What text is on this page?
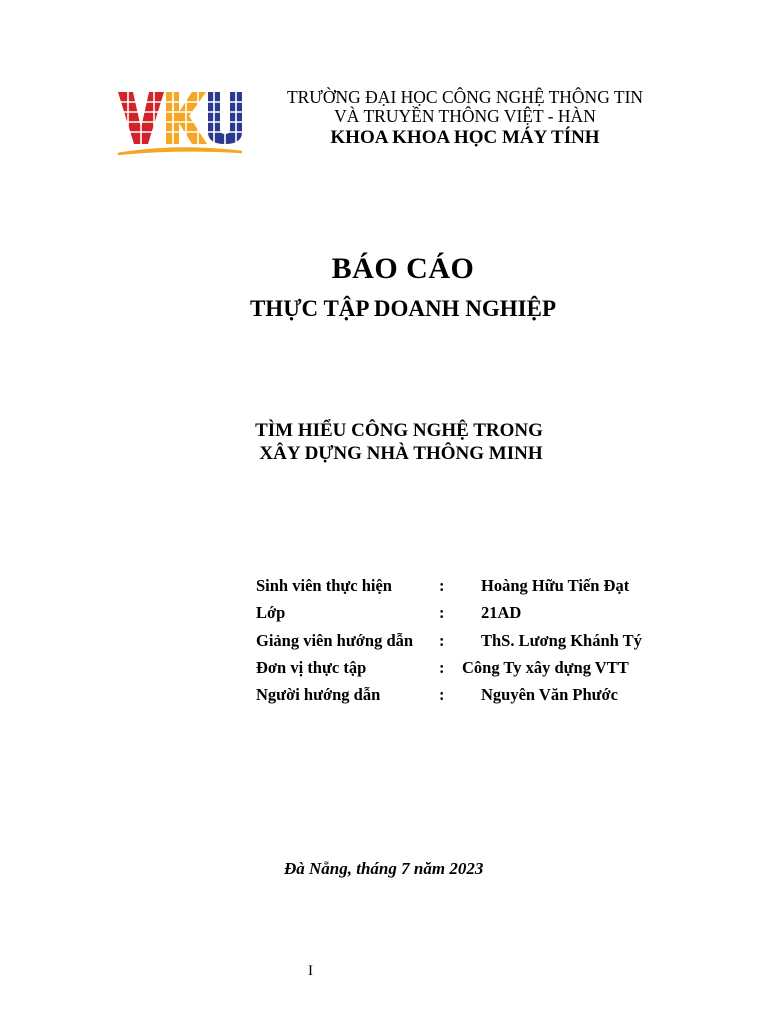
TRƯỜNG ĐẠI HỌC CÔNG NGHỆ THÔNG TIN
VÀ TRUYỀN THÔNG VIỆT - HÀN
KHOA KHOA HỌC MÁY TÍNH
BÁO CÁO
THỰC TẬP DOANH NGHIỆP
TÌM HIỂU CÔNG NGHỆ TRONG
XÂY DỰNG NHÀ THÔNG MINH
Sinh viên thực hiện	: Hoàng Hữu Tiến Đạt
Lớp	: 21AD
Giảng viên hướng dẫn : ThS. Lương Khánh Tý
Đơn vị thực tập	: Công Ty xây dựng VTT
Người hướng dẫn	: Nguyên Văn Phước
Đà Nẵng, tháng 7 năm 2023
I
